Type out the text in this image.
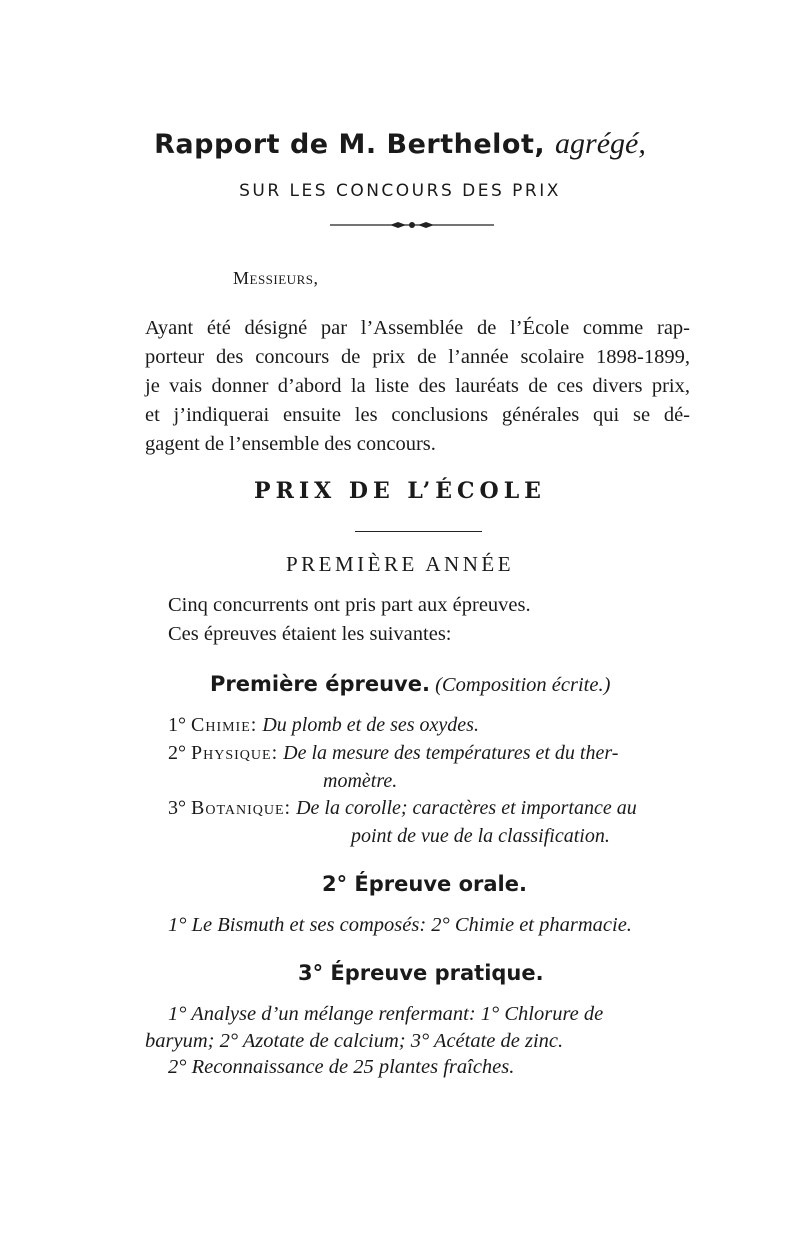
Rapport de M. Berthelot, agrégé,
SUR LES CONCOURS DES PRIX
Messieurs,
Ayant été désigné par l’Assemblée de l’École comme rap-
porteur des concours de prix de l’année scolaire 1898-1899,
je vais donner d’abord la liste des lauréats de ces divers prix,
et j’indiquerai ensuite les conclusions générales qui se dé-
gagent de l’ensemble des concours.
PRIX DE L’ÉCOLE
PREMIÈRE ANNÉE
Cinq concurrents ont pris part aux épreuves.
Ces épreuves étaient les suivantes:
Première épreuve. (Composition écrite.)
1° Chimie: Du plomb et de ses oxydes.
2° Physique: De la mesure des températures et du ther-
momètre.
3° Botanique: De la corolle; caractères et importance au
point de vue de la classification.
2° Épreuve orale.
1° Le Bismuth et ses composés: 2° Chimie et pharmacie.
3° Épreuve pratique.
1° Analyse d’un mélange renfermant: 1° Chlorure de
baryum; 2° Azotate de calcium; 3° Acétate de zinc.
2° Reconnaissance de 25 plantes fraîches.
